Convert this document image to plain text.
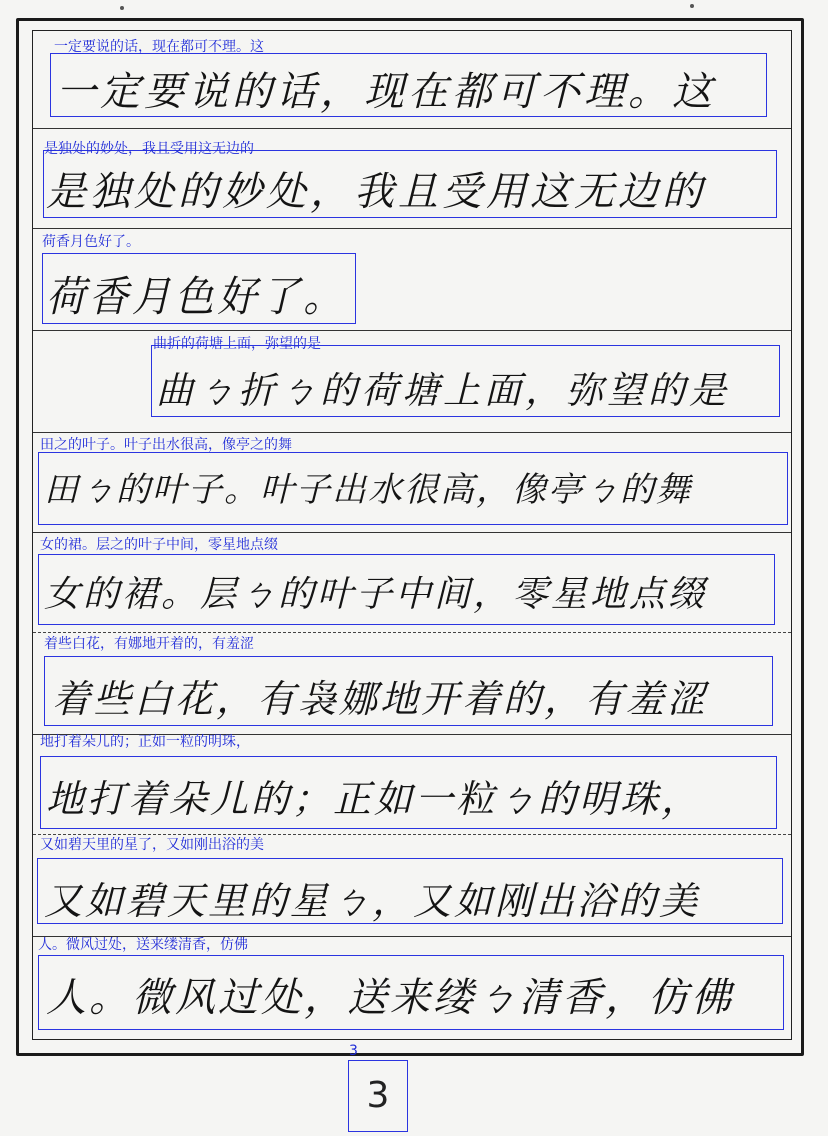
一定要说的话，现在都可不理。这
一定要说的话，现在都可不理。这
是独处的妙处，我且受用这无边的
是独处的妙处，我且受用这无边的
荷香月色好了。
荷香月色好了。
曲ㄅ折ㄅ的荷塘上面，弥望的是
曲折的荷塘上面，弥望的是
田ㄅ的叶子。叶子出水很高，像亭ㄅ的舞
田之的叶子。叶子出水很高，像亭之的舞
女的裙。层ㄅ的叶子中间，零星地点缀
女的裙。层之的叶子中间，零星地点缀
着些白花，有袅娜地开着的，有羞涩
着些白花，有娜地开着的，有羞涩
地打着朵儿的；正如一粒ㄅ的明珠，
地打着朵儿的；正如一粒的明珠，
又如碧天里的星ㄅ，又如刚出浴的美
又如碧天里的星了，又如刚出浴的美
人。微风过处，送来缕ㄅ清香，仿佛
人。微风过处，送来缕清香，仿佛
3
3
